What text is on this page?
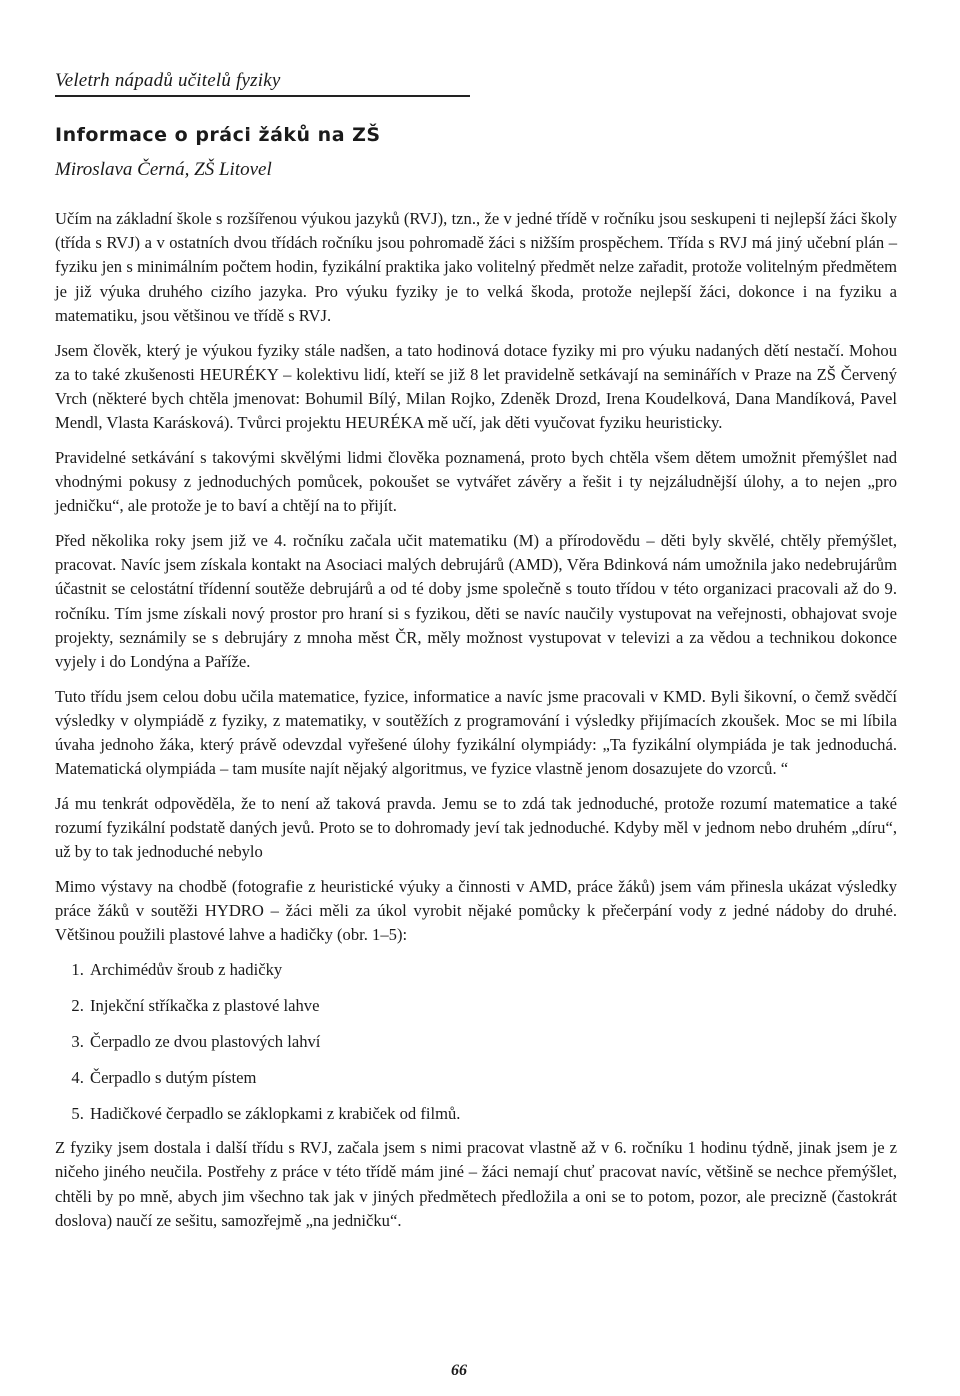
Veletrh nápadů učitelů fyziky
Informace o práci žáků na ZŠ
Miroslava Černá, ZŠ Litovel

Učím na základní škole s rozšířenou výukou jazyků (RVJ), tzn., že v jedné třídě v ročníku jsou seskupeni ti nejlepší žáci školy (třída s RVJ) a v ostatních dvou třídách ročníku jsou pohromadě žáci s nižším prospěchem. Třída s RVJ má jiný učební plán – fyziku jen s minimálním počtem hodin, fyzikální praktika jako volitelný předmět nelze zařadit, protože volitelným předmětem je již výuka druhého cizího jazyka. Pro výuku fyziky je to velká škoda, protože nejlepší žáci, dokonce i na fyziku a matematiku, jsou většinou ve třídě s RVJ.

Jsem člověk, který je výukou fyziky stále nadšen, a tato hodinová dotace fyziky mi pro výuku nadaných dětí nestačí. Mohou za to také zkušenosti HEURÉKY – kolektivu lidí, kteří se již 8 let pravidelně setkávají na seminářích v Praze na ZŠ Červený Vrch (některé bych chtěla jmenovat: Bohumil Bílý, Milan Rojko, Zdeněk Drozd, Irena Koudelková, Dana Mandíková, Pavel Mendl, Vlasta Karásková). Tvůrci projektu HEURÉKA mě učí, jak děti vyučovat fyziku heuristicky.

Pravidelné setkávání s takovými skvělými lidmi člověka poznamená, proto bych chtěla všem dětem umožnit přemýšlet nad vhodnými pokusy z jednoduchých pomůcek, pokoušet se vytvářet závěry a řešit i ty nejzáludnější úlohy, a to nejen „pro jedničku“, ale protože je to baví a chtějí na to přijít.

Před několika roky jsem již ve 4. ročníku začala učit matematiku (M) a přírodovědu – děti byly skvělé, chtěly přemýšlet, pracovat. Navíc jsem získala kontakt na Asociaci malých debrujárů (AMD), Věra Bdinková nám umožnila jako nedebrujárům účastnit se celostátní třídenní soutěže debrujárů a od té doby jsme společně s touto třídou v této organizaci pracovali až do 9. ročníku. Tím jsme získali nový prostor pro hraní si s fyzikou, děti se navíc naučily vystupovat na veřejnosti, obhajovat svoje projekty, seznámily se s debrujáry z mnoha měst ČR, měly možnost vystupovat v televizi a za vědou a technikou dokonce vyjely i do Londýna a Paříže.

Tuto třídu jsem celou dobu učila matematice, fyzice, informatice a navíc jsme pracovali v KMD. Byli šikovní, o čemž svědčí výsledky v olympiádě z fyziky, z matematiky, v soutěžích z programování i výsledky přijímacích zkoušek. Moc se mi líbila úvaha jednoho žáka, který právě odevzdal vyřešené úlohy fyzikální olympiády: „Ta fyzikální olympiáda je tak jednoduchá. Matematická olympiáda – tam musíte najít nějaký algoritmus, ve fyzice vlastně jenom dosazujete do vzorců. “

Já mu tenkrát odpověděla, že to není až taková pravda. Jemu se to zdá tak jednoduché, protože rozumí matematice a také rozumí fyzikální podstatě daných jevů. Proto se to dohromady jeví tak jednoduché. Kdyby měl v jednom nebo druhém „díru“, už by to tak jednoduché nebylo

Mimo výstavy na chodbě (fotografie z heuristické výuky a činnosti v AMD, práce žáků) jsem vám přinesla ukázat výsledky práce žáků v soutěži HYDRO – žáci měli za úkol vyrobit nějaké pomůcky k přečerpání vody z jedné nádoby do druhé. Většinou použili plastové lahve a hadičky (obr. 1–5):

1. Archimédův šroub z hadičky
2. Injekční stříkačka z plastové lahve
3. Čerpadlo ze dvou plastových lahví
4. Čerpadlo s dutým pístem
5. Hadičkové čerpadlo se záklopkami z krabiček od filmů.

Z fyziky jsem dostala i další třídu s RVJ, začala jsem s nimi pracovat vlastně až v 6. ročníku 1 hodinu týdně, jinak jsem je z ničeho jiného neučila. Postřehy z práce v této třídě mám jiné – žáci nemají chuť pracovat navíc, většině se nechce přemýšlet, chtěli by po mně, abych jim všechno tak jak v jiných předmětech předložila a oni se to potom, pozor, ale precizně (častokrát doslova) naučí ze sešitu, samozřejmě „na jedničku“.

66
